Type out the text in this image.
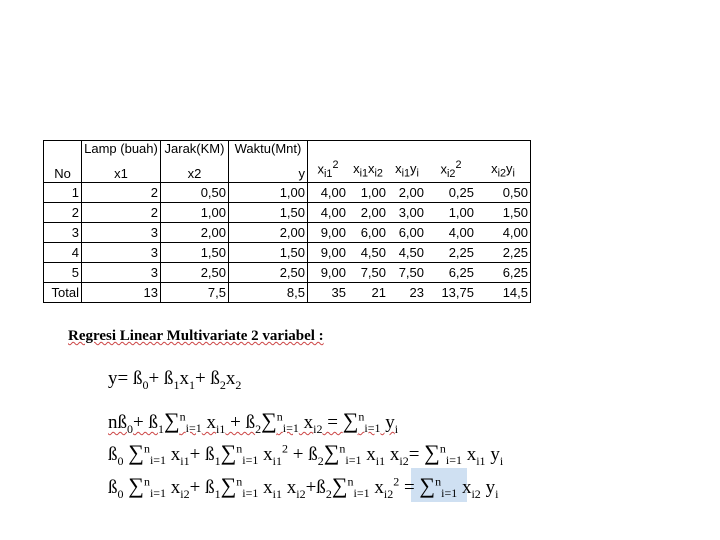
	Lamp (buah)	Jarak(KM)	Waktu(Mnt)					
No	x1	x2	y	$x_{i1}^2$	$x_{i1}x_{i2}$	$x_{i1}y_i$	$x_{i2}^2$	$x_{i2}y_i$
1	2	0,50	1,00	4,00	1,00	2,00	0,25	0,50
2	2	1,00	1,50	4,00	2,00	3,00	1,00	1,50
3	3	2,00	2,00	9,00	6,00	6,00	4,00	4,00
4	3	1,50	1,50	9,00	4,50	4,50	2,25	2,25
5	3	2,50	2,50	9,00	7,50	7,50	6,25	6,25
Total	13	7,5	8,5	35	21	23	13,75	14,5
Regresi Linear Multivariate 2 variabel :
$y= ß_0+$ $ß_1x_1+$ $ß_2x_2$
$nß_0+$ $ß_1\sum^n_{i=1}$ $x_{i1}$ + $ß_2\sum^n_{i=1}$ $x_{i2} = \sum^n_{i=1}$ $y_i$
$ß_0$ ∑$^n_{i=1}$ $x_{i1}+$ $ß_1\sum^n_{i=1}$ $x_{i1}^2$ + $ß_2\sum^n_{i=1}$ $x_{i1}$ $x_{i2}= \sum^n_{i=1}$ $x_{i1}$ $y_i$
$ß_0$ ∑$^n_{i=1}$ $x_{i2}+$ $ß_1\sum^n_{i=1}$ $x_{i1}$ $x_{i2}+ß_2\sum^n_{i=1}$ $x_{i2}^2 = \sum^n_{i=1}$ $x_{i2}$ $y_i$
